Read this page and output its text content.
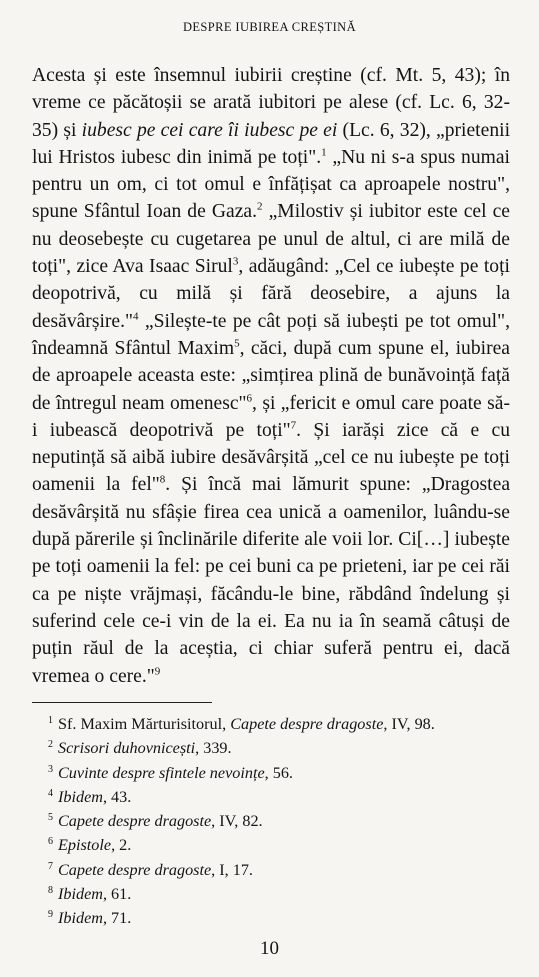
DESPRE IUBIREA CREȘTINĂ

Acesta și este însemnul iubirii creștine (cf. Mt. 5, 43); în vreme ce păcătoșii se arată iubitori pe alese (cf. Lc. 6, 32-35) și iubesc pe cei care îi iubesc pe ei (Lc. 6, 32), „prietenii lui Hristos iubesc din inimă pe toți".$^1$ „Nu ni s-a spus numai pentru un om, ci tot omul e înfățișat ca aproapele nostru", spune Sfântul Ioan de Gaza.$^2$ „Milostiv și iubitor este cel ce nu deosebește cu cugetarea pe unul de altul, ci are milă de toți", zice Ava Isaac Sirul$^3$, adăugând: „Cel ce iubește pe toți deopotrivă, cu milă și fără deosebire, a ajuns la desăvârșire."$^4$ „Silește-te pe cât poți să iubești pe tot omul", îndeamnă Sfântul Maxim$^5$, căci, după cum spune el, iubirea de aproapele aceasta este: „simțirea plină de bunăvoință față de întregul neam omenesc"$^6$, și „fericit e omul care poate să-i iubească deopotrivă pe toți"$^7$. Și iarăși zice că e cu neputință să aibă iubire desăvârșită „cel ce nu iubește pe toți oamenii la fel"$^8$. Și încă mai lămurit spune: „Dragostea desăvârșită nu sfâșie firea cea unică a oamenilor, luându-se după părerile și înclinările diferite ale voii lor. Ci[…] iubește pe toți oamenii la fel: pe cei buni ca pe prieteni, iar pe cei răi ca pe niște vrăjmași, făcându-le bine, răbdând îndelung și suferind cele ce-i vin de la ei. Ea nu ia în seamă câtuși de puțin răul de la aceștia, ci chiar suferă pentru ei, dacă vremea o cere."$^9$

1 Sf. Maxim Mărturisitorul, Capete despre dragoste, IV, 98.
2 Scrisori duhovnicești, 339.
3 Cuvinte despre sfintele nevoințe, 56.
4 Ibidem, 43.
5 Capete despre dragoste, IV, 82.
6 Epistole, 2.
7 Capete despre dragoste, I, 17.
8 Ibidem, 61.
9 Ibidem, 71.
10
